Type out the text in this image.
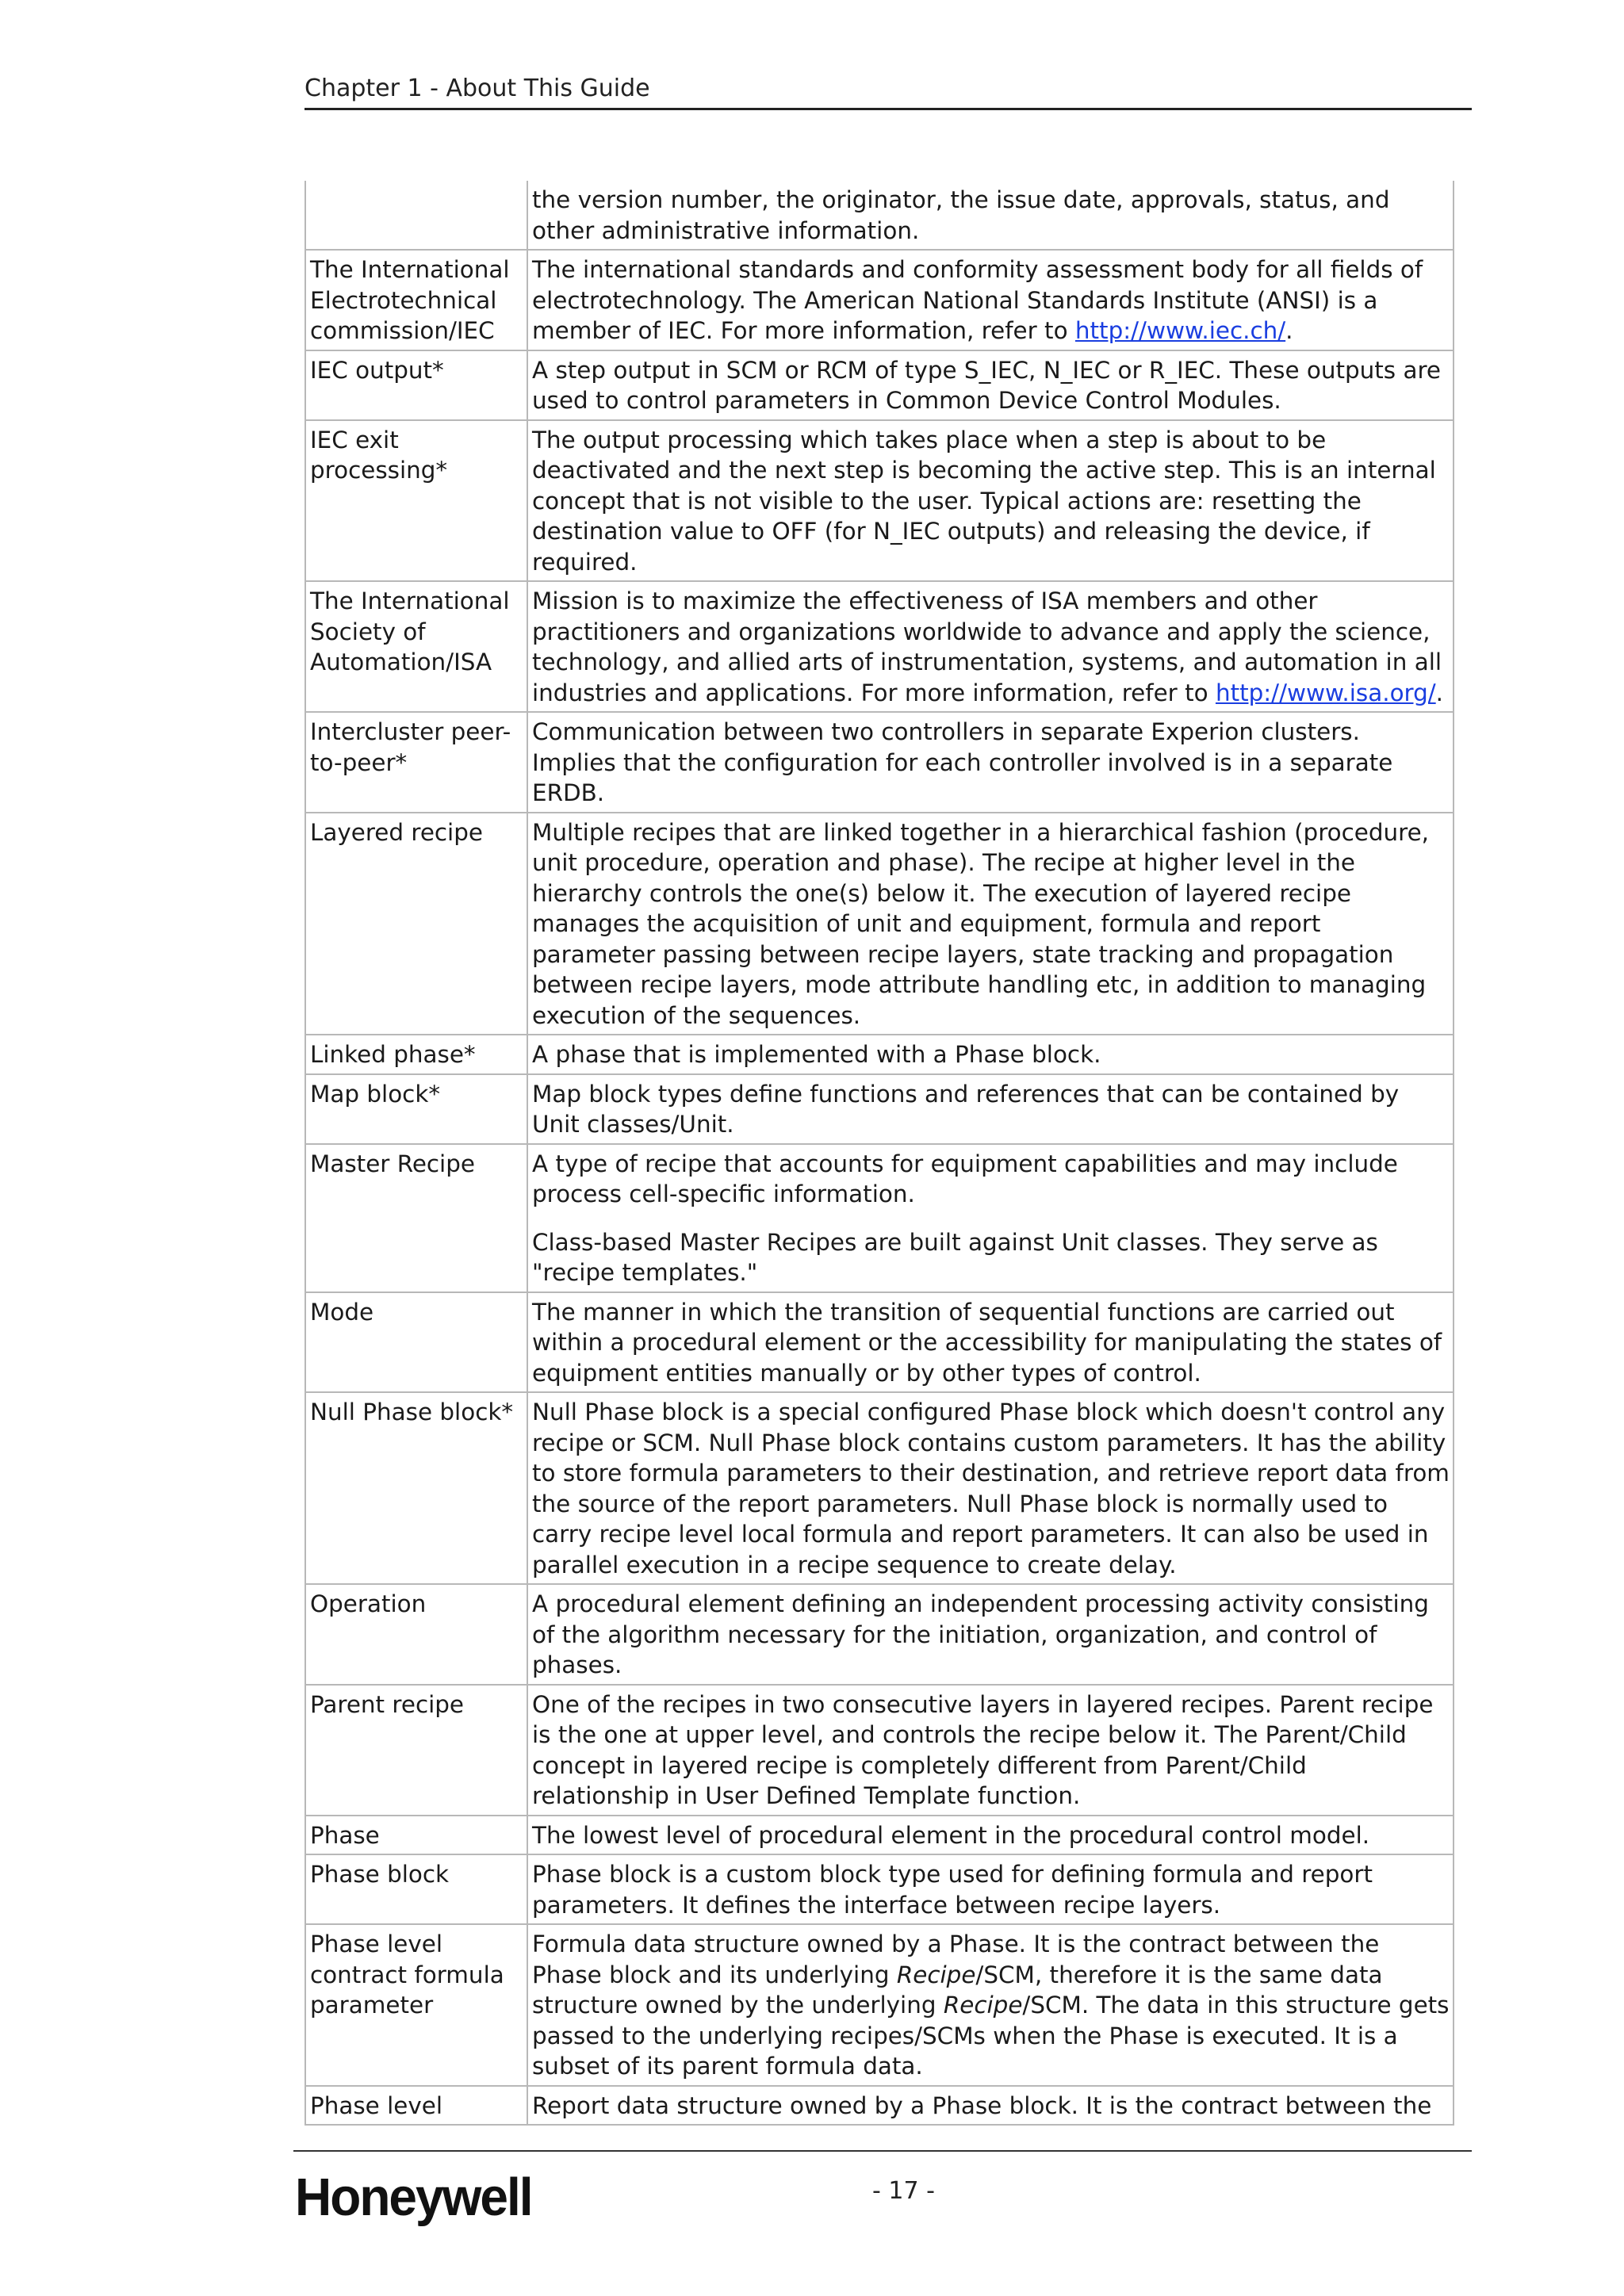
Chapter 1 - About This Guide

	the version number, the originator, the issue date, approvals, status, and other administrative information.

The International Electrotechnical commission/IEC	The international standards and conformity assessment body for all fields of electrotechnology. The American National Standards Institute (ANSI) is a member of IEC. For more information, refer to http://www.iec.ch/.

IEC output*	A step output in SCM or RCM of type S_IEC, N_IEC or R_IEC. These outputs are used to control parameters in Common Device Control Modules.

IEC exit processing*	The output processing which takes place when a step is about to be deactivated and the next step is becoming the active step. This is an internal concept that is not visible to the user. Typical actions are: resetting the destination value to OFF (for N_IEC outputs) and releasing the device, if required.

The International Society of Automation/ISA	Mission is to maximize the effectiveness of ISA members and other practitioners and organizations worldwide to advance and apply the science, technology, and allied arts of instrumentation, systems, and automation in all industries and applications. For more information, refer to http://www.isa.org/.

Intercluster peer-to-peer*	Communication between two controllers in separate Experion clusters. Implies that the configuration for each controller involved is in a separate ERDB.

Layered recipe	Multiple recipes that are linked together in a hierarchical fashion (procedure, unit procedure, operation and phase). The recipe at higher level in the hierarchy controls the one(s) below it. The execution of layered recipe manages the acquisition of unit and equipment, formula and report parameter passing between recipe layers, state tracking and propagation between recipe layers, mode attribute handling etc, in addition to managing execution of the sequences.

Linked phase*	A phase that is implemented with a Phase block.

Map block*	Map block types define functions and references that can be contained by Unit classes/Unit.

Master Recipe	A type of recipe that accounts for equipment capabilities and may include process cell-specific information.

Class-based Master Recipes are built against Unit classes. They serve as "recipe templates."

Mode	The manner in which the transition of sequential functions are carried out within a procedural element or the accessibility for manipulating the states of equipment entities manually or by other types of control.

Null Phase block*	Null Phase block is a special configured Phase block which doesn't control any recipe or SCM. Null Phase block contains custom parameters. It has the ability to store formula parameters to their destination, and retrieve report data from the source of the report parameters. Null Phase block is normally used to carry recipe level local formula and report parameters. It can also be used in parallel execution in a recipe sequence to create delay.

Operation	A procedural element defining an independent processing activity consisting of the algorithm necessary for the initiation, organization, and control of phases.

Parent recipe	One of the recipes in two consecutive layers in layered recipes. Parent recipe is the one at upper level, and controls the recipe below it. The Parent/Child concept in layered recipe is completely different from Parent/Child relationship in User Defined Template function.

Phase	The lowest level of procedural element in the procedural control model.

Phase block	Phase block is a custom block type used for defining formula and report parameters. It defines the interface between recipe layers.

Phase level contract formula parameter	Formula data structure owned by a Phase. It is the contract between the Phase block and its underlying Recipe/SCM, therefore it is the same data structure owned by the underlying Recipe/SCM. The data in this structure gets passed to the underlying recipes/SCMs when the Phase is executed. It is a subset of its parent formula data.

Phase level	Report data structure owned by a Phase block. It is the contract between the

Honeywell	- 17 -
